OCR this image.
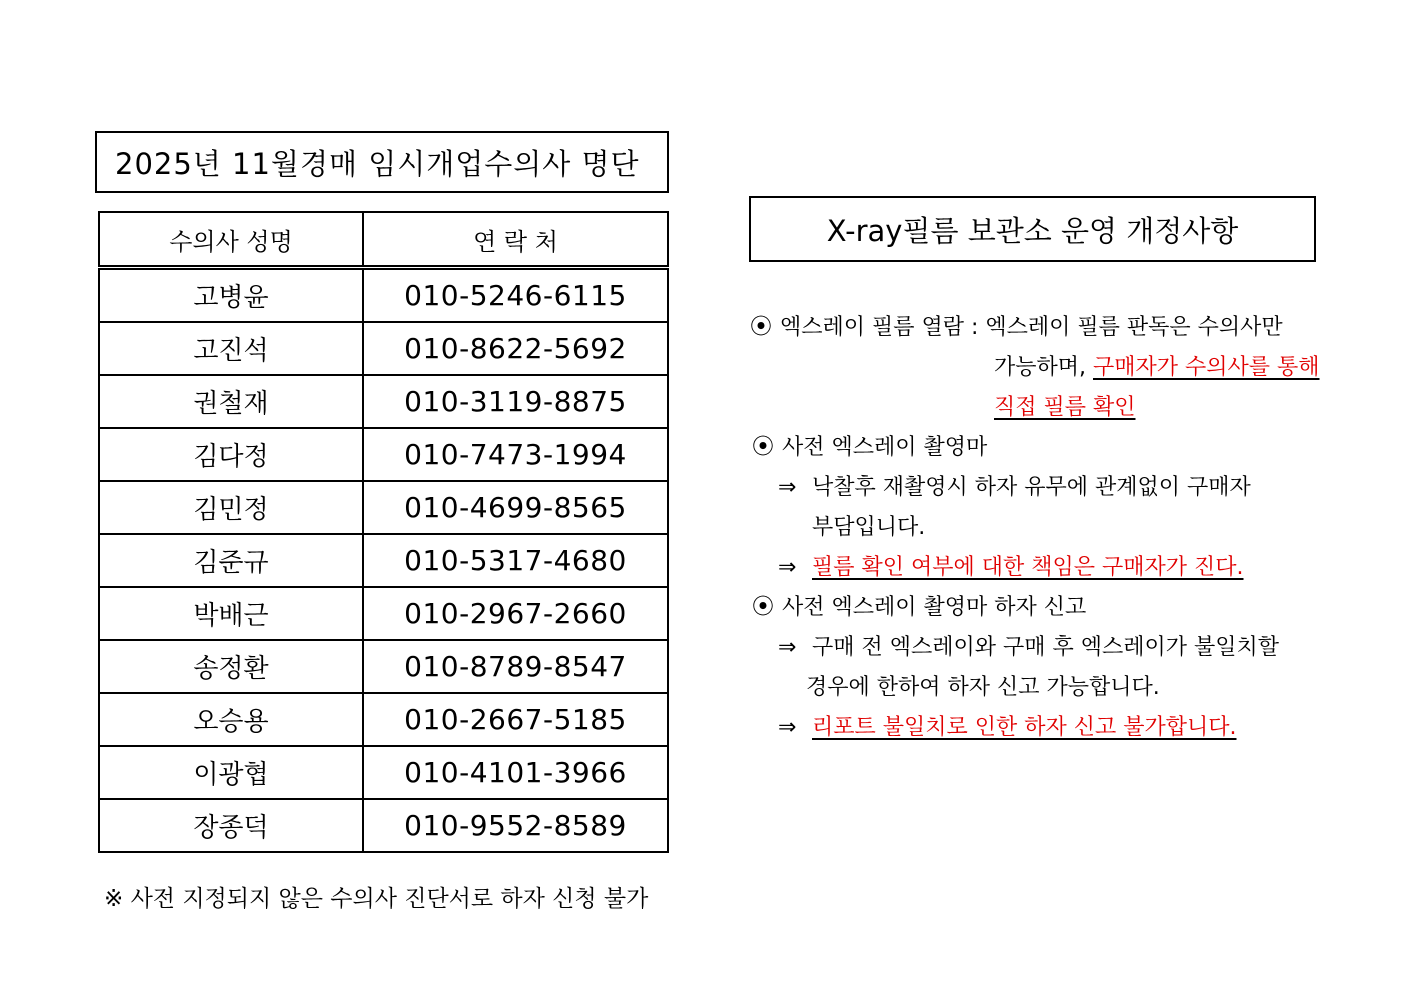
2025년 11월경매 임시개업수의사 명단
수의사 성명	연 락 처
고병윤	010-5246-6115
고진석	010-8622-5692
권철재	010-3119-8875
김다정	010-7473-1994
김민정	010-4699-8565
김준규	010-5317-4680
박배근	010-2967-2660
송정환	010-8789-8547
오승용	010-2667-5185
이광협	010-4101-3966
장종덕	010-9552-8589
※ 사전 지정되지 않은 수의사 진단서로 하자 신청 불가
X-ray필름 보관소 운영 개정사항
⦿ 엑스레이 필름 열람 : 엑스레이 필름 판독은 수의사만
가능하며, 구매자가 수의사를 통해
직접 필름 확인
⦿ 사전 엑스레이 촬영마
⇒ 낙찰후 재촬영시 하자 유무에 관계없이 구매자
부담입니다.
⇒ 필름 확인 여부에 대한 책임은 구매자가 진다.
⦿ 사전 엑스레이 촬영마 하자 신고
⇒ 구매 전 엑스레이와 구매 후 엑스레이가 불일치할
경우에 한하여 하자 신고 가능합니다.
⇒ 리포트 불일치로 인한 하자 신고 불가합니다.
